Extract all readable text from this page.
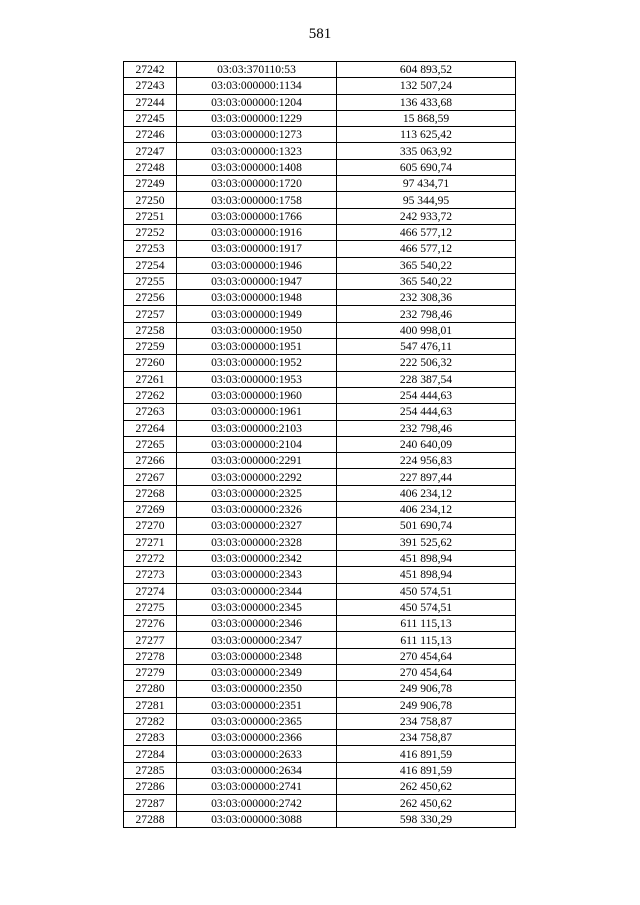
581
27242	03:03:370110:53	604 893,52
27243	03:03:000000:1134	132 507,24
27244	03:03:000000:1204	136 433,68
27245	03:03:000000:1229	15 868,59
27246	03:03:000000:1273	113 625,42
27247	03:03:000000:1323	335 063,92
27248	03:03:000000:1408	605 690,74
27249	03:03:000000:1720	97 434,71
27250	03:03:000000:1758	95 344,95
27251	03:03:000000:1766	242 933,72
27252	03:03:000000:1916	466 577,12
27253	03:03:000000:1917	466 577,12
27254	03:03:000000:1946	365 540,22
27255	03:03:000000:1947	365 540,22
27256	03:03:000000:1948	232 308,36
27257	03:03:000000:1949	232 798,46
27258	03:03:000000:1950	400 998,01
27259	03:03:000000:1951	547 476,11
27260	03:03:000000:1952	222 506,32
27261	03:03:000000:1953	228 387,54
27262	03:03:000000:1960	254 444,63
27263	03:03:000000:1961	254 444,63
27264	03:03:000000:2103	232 798,46
27265	03:03:000000:2104	240 640,09
27266	03:03:000000:2291	224 956,83
27267	03:03:000000:2292	227 897,44
27268	03:03:000000:2325	406 234,12
27269	03:03:000000:2326	406 234,12
27270	03:03:000000:2327	501 690,74
27271	03:03:000000:2328	391 525,62
27272	03:03:000000:2342	451 898,94
27273	03:03:000000:2343	451 898,94
27274	03:03:000000:2344	450 574,51
27275	03:03:000000:2345	450 574,51
27276	03:03:000000:2346	611 115,13
27277	03:03:000000:2347	611 115,13
27278	03:03:000000:2348	270 454,64
27279	03:03:000000:2349	270 454,64
27280	03:03:000000:2350	249 906,78
27281	03:03:000000:2351	249 906,78
27282	03:03:000000:2365	234 758,87
27283	03:03:000000:2366	234 758,87
27284	03:03:000000:2633	416 891,59
27285	03:03:000000:2634	416 891,59
27286	03:03:000000:2741	262 450,62
27287	03:03:000000:2742	262 450,62
27288	03:03:000000:3088	598 330,29
